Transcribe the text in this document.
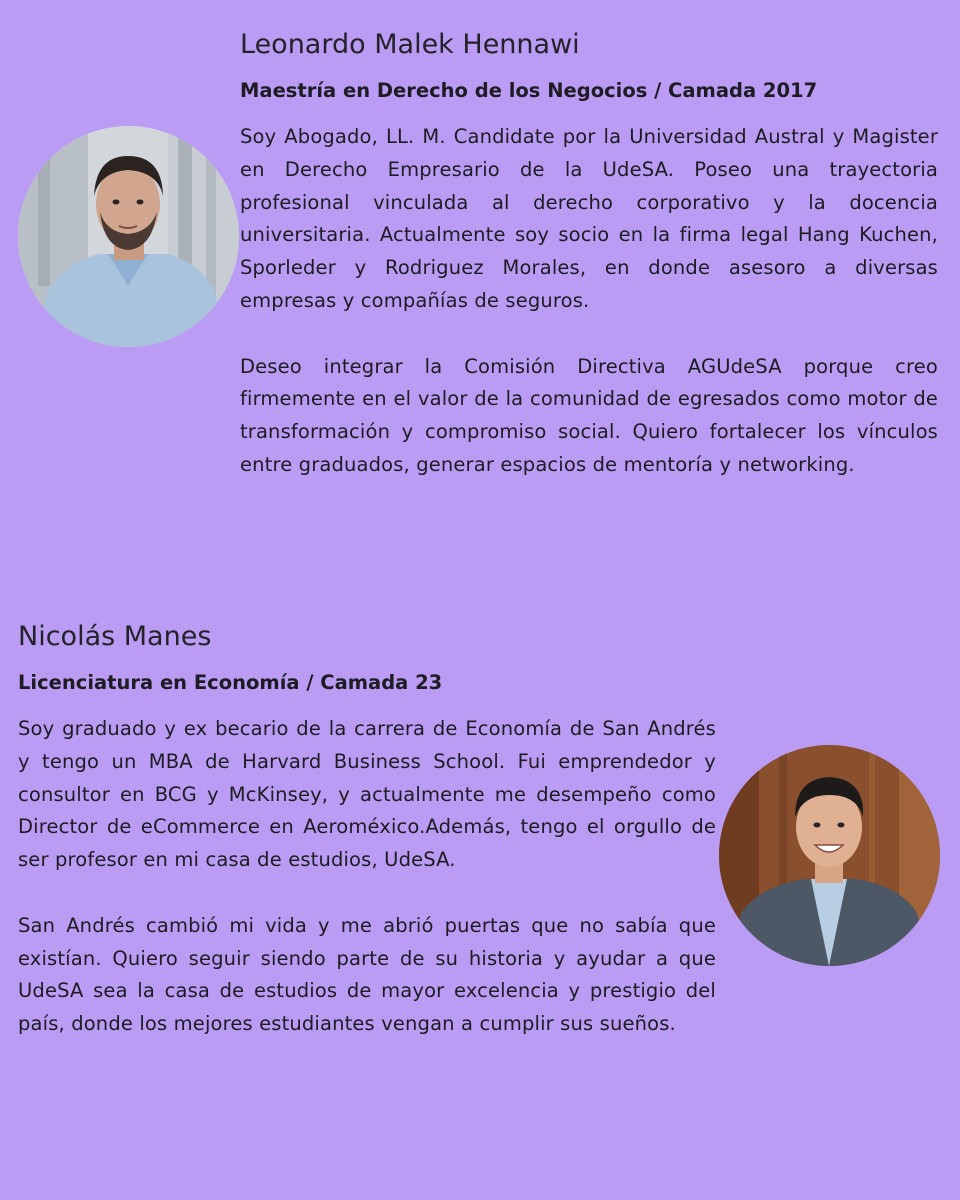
Leonardo Malek Hennawi
Maestría en Derecho de los Negocios / Camada 2017

Soy Abogado, LL. M. Candidate por la Universidad Austral y Magister en Derecho Empresario de la UdeSA. Poseo una trayectoria profesional vinculada al derecho corporativo y la docencia universitaria. Actualmente soy socio en la firma legal Hang Kuchen, Sporleder y Rodriguez Morales, en donde asesoro a diversas empresas y compañías de seguros.

Deseo integrar la Comisión Directiva AGUdeSA porque creo firmemente en el valor de la comunidad de egresados como motor de transformación y compromiso social. Quiero fortalecer los vínculos entre graduados, generar espacios de mentoría y networking.

Nicolás Manes
Licenciatura en Economía / Camada 23

Soy graduado y ex becario de la carrera de Economía de San Andrés y tengo un MBA de Harvard Business School. Fui emprendedor y consultor en BCG y McKinsey, y actualmente me desempeño como Director de eCommerce en Aeroméxico.Además, tengo el orgullo de ser profesor en mi casa de estudios, UdeSA.

San Andrés cambió mi vida y me abrió puertas que no sabía que existían. Quiero seguir siendo parte de su historia y ayudar a que UdeSA sea la casa de estudios de mayor excelencia y prestigio del país, donde los mejores estudiantes vengan a cumplir sus sueños.
